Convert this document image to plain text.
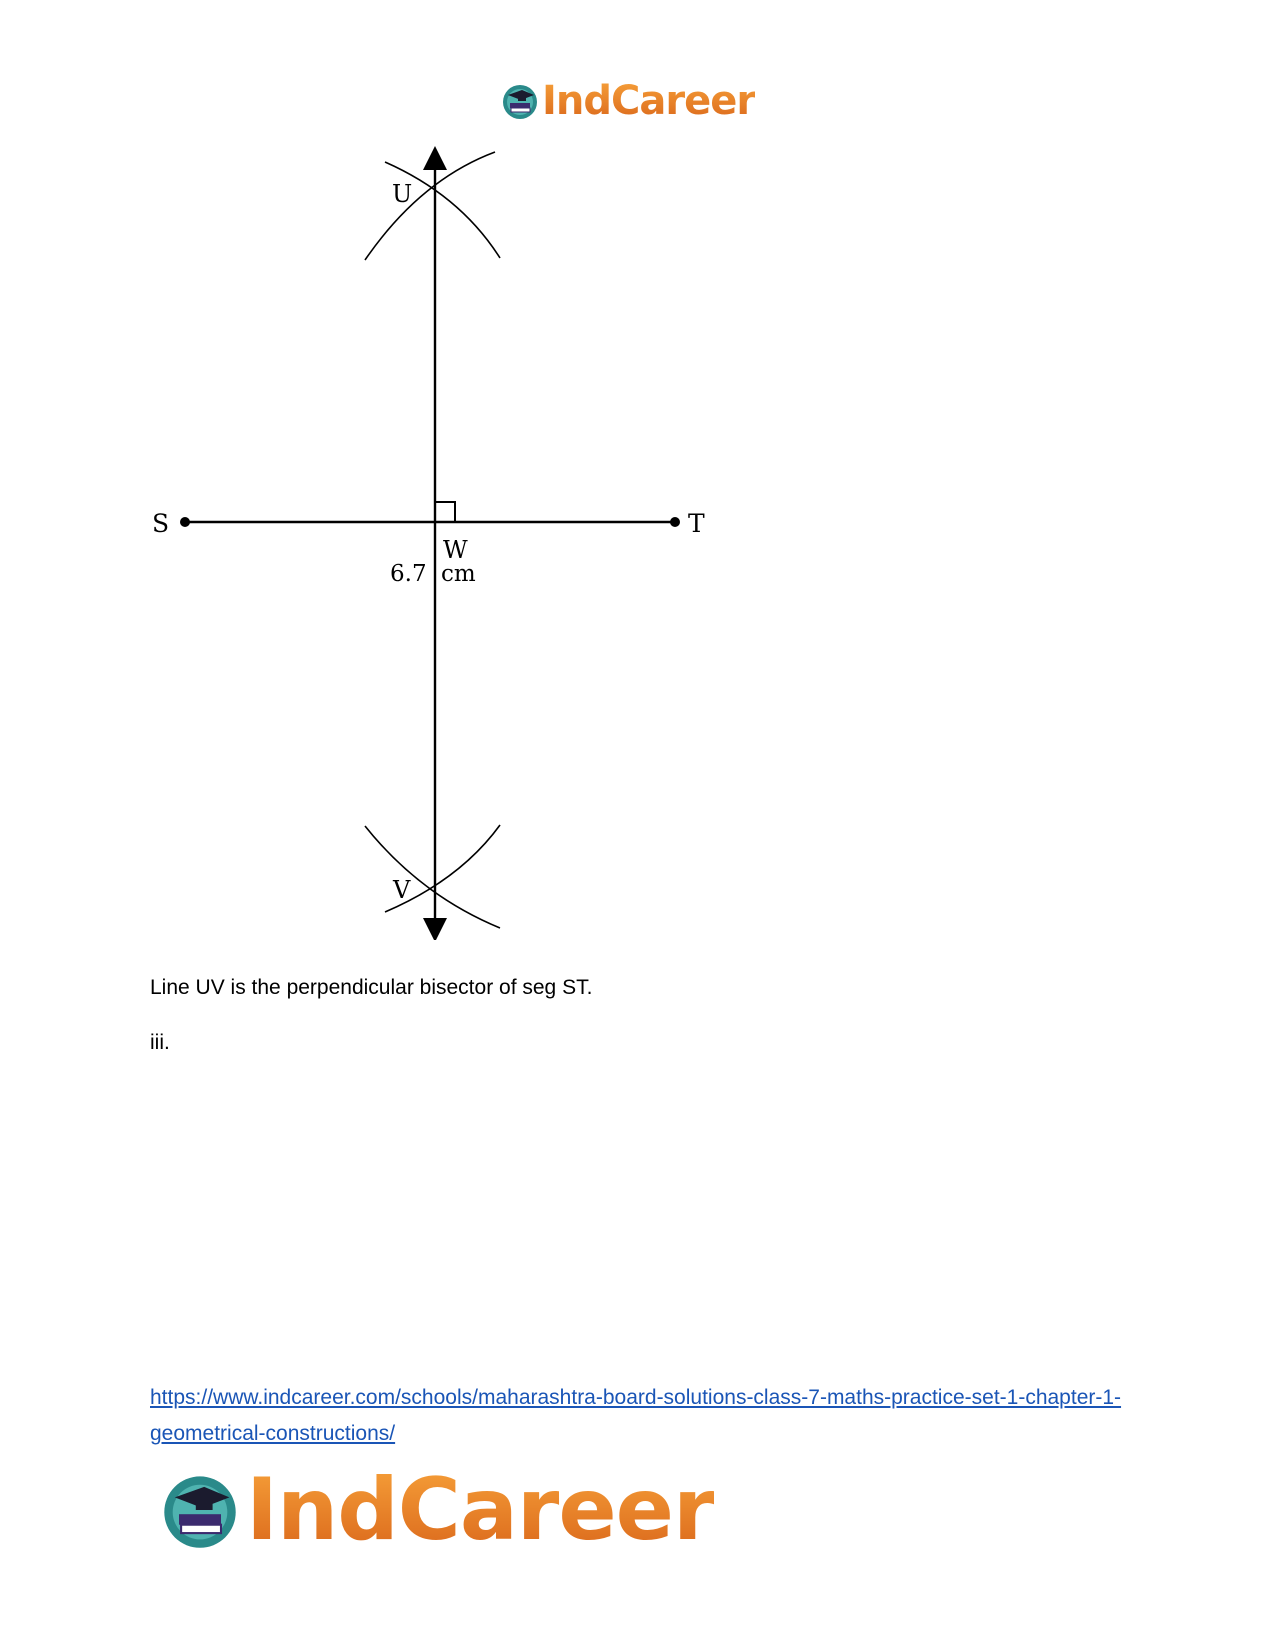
IndCareer
U
V
S	T
W
6.7 cm

Line UV is the perpendicular bisector of seg ST.

iii.

https://www.indcareer.com/schools/maharashtra-board-solutions-class-7-maths-practice-set-1-chapter-1-geometrical-constructions/
IndCareer
